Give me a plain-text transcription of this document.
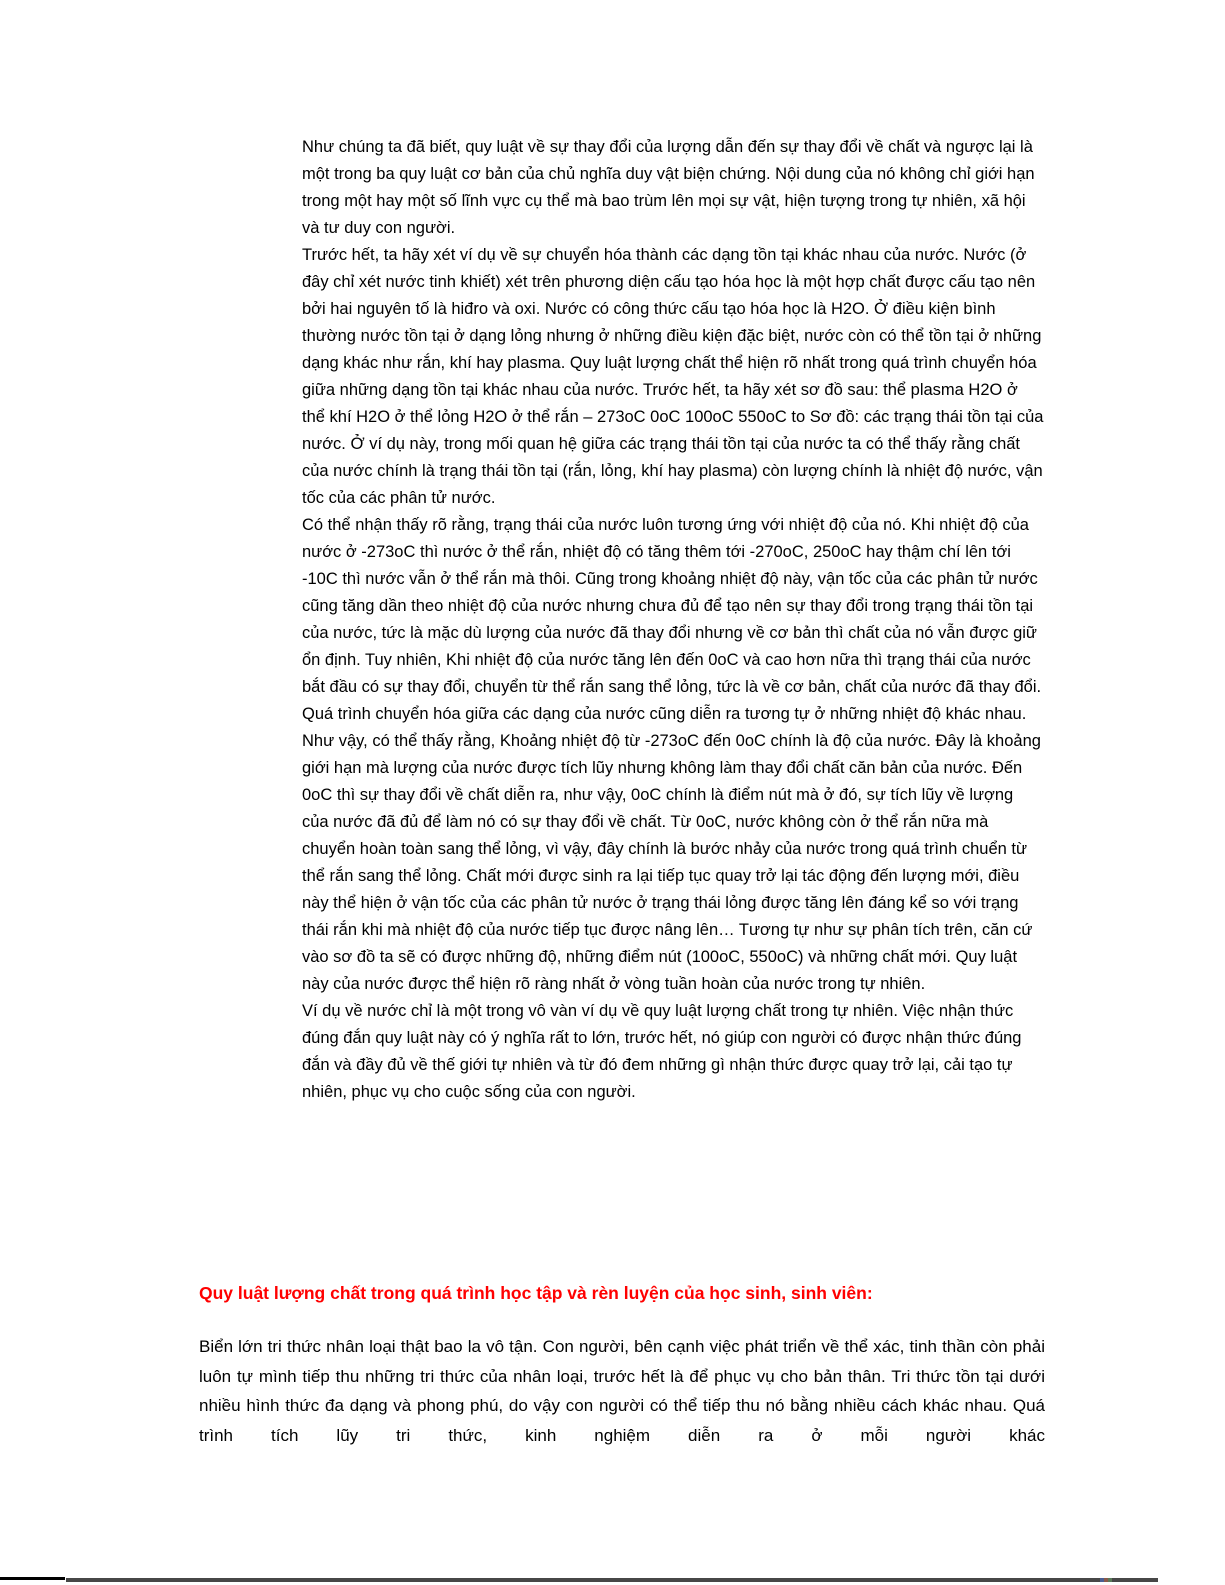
Như chúng ta đã biết, quy luật về sự thay đổi của lượng dẫn đến sự thay đổi về chất và ngược lại là một trong ba quy luật cơ bản của chủ nghĩa duy vật biện chứng. Nội dung của nó không chỉ giới hạn trong một hay một số lĩnh vực cụ thể mà bao trùm lên mọi sự vật, hiện tượng trong tự nhiên, xã hội và tư duy con người.

Trước hết, ta hãy xét ví dụ về sự chuyển hóa thành các dạng tồn tại khác nhau của nước. Nước (ở đây chỉ xét nước tinh khiết) xét trên phương diện cấu tạo hóa học là một hợp chất được cấu tạo nên bởi hai nguyên tố là hiđro và oxi. Nước có công thức cấu tạo hóa học là H2O. Ở điều kiện bình thường nước tồn tại ở dạng lỏng nhưng ở những điều kiện đặc biệt, nước còn có thể tồn tại ở những dạng khác như rắn, khí hay plasma. Quy luật lượng chất thể hiện rõ nhất trong quá trình chuyển hóa giữa những dạng tồn tại khác nhau của nước. Trước hết, ta hãy xét sơ đồ sau: thể plasma H2O ở thể khí H2O ở thể lỏng H2O ở thể rắn – 273oC 0oC 100oC 550oC to Sơ đồ: các trạng thái tồn tại của nước. Ở ví dụ này, trong mối quan hệ giữa các trạng thái tồn tại của nước ta có thể thấy rằng chất của nước chính là trạng thái tồn tại (rắn, lỏng, khí hay plasma) còn lượng chính là nhiệt độ nước, vận tốc của các phân tử nước.

Có thể nhận thấy rõ rằng, trạng thái của nước luôn tương ứng với nhiệt độ của nó. Khi nhiệt độ của nước ở -273oC thì nước ở thể rắn, nhiệt độ có tăng thêm tới -270oC, 250oC hay thậm chí lên tới -10C thì nước vẫn ở thể rắn mà thôi. Cũng trong khoảng nhiệt độ này, vận tốc của các phân tử nước cũng tăng dần theo nhiệt độ của nước nhưng chưa đủ để tạo nên sự thay đổi trong trạng thái tồn tại của nước, tức là mặc dù lượng của nước đã thay đổi nhưng về cơ bản thì chất của nó vẫn được giữ ổn định. Tuy nhiên, Khi nhiệt độ của nước tăng lên đến 0oC và cao hơn nữa thì trạng thái của nước bắt đầu có sự thay đổi, chuyển từ thể rắn sang thể lỏng, tức là về cơ bản, chất của nước đã thay đổi. Quá trình chuyển hóa giữa các dạng của nước cũng diễn ra tương tự ở những nhiệt độ khác nhau.

Như vậy, có thể thấy rằng, Khoảng nhiệt độ từ -273oC đến 0oC chính là độ của nước. Đây là khoảng giới hạn mà lượng của nước được tích lũy nhưng không làm thay đổi chất căn bản của nước. Đến 0oC thì sự thay đổi về chất diễn ra, như vậy, 0oC chính là điểm nút mà ở đó, sự tích lũy về lượng của nước đã đủ để làm nó có sự thay đổi về chất. Từ 0oC, nước không còn ở thể rắn nữa mà chuyển hoàn toàn sang thể lỏng, vì vậy, đây chính là bước nhảy của nước trong quá trình chuển từ thể rắn sang thể lỏng. Chất mới được sinh ra lại tiếp tục quay trở lại tác động đến lượng mới, điều này thể hiện ở vận tốc của các phân tử nước ở trạng thái lỏng được tăng lên đáng kể so với trạng thái rắn khi mà nhiệt độ của nước tiếp tục được nâng lên… Tương tự như sự phân tích trên, căn cứ vào sơ đồ ta sẽ có được những độ, những điểm nút (100oC, 550oC) và những chất mới. Quy luật này của nước được thể hiện rõ ràng nhất ở vòng tuần hoàn của nước trong tự nhiên.

Ví dụ về nước chỉ là một trong vô vàn ví dụ về quy luật lượng chất trong tự nhiên. Việc nhận thức đúng đắn quy luật này có ý nghĩa rất to lớn, trước hết, nó giúp con người có được nhận thức đúng đắn và đầy đủ về thế giới tự nhiên và từ đó đem những gì nhận thức được quay trở lại, cải tạo tự nhiên, phục vụ cho cuộc sống của con người.

Quy luật lượng chất trong quá trình học tập và rèn luyện của học sinh, sinh viên:
Biển lớn tri thức nhân loại thật bao la vô tận. Con người, bên cạnh việc phát triển về thể xác, tinh thần còn phải luôn tự mình tiếp thu những tri thức của nhân loại, trước hết là để phục vụ cho bản thân. Tri thức tồn tại dưới nhiều hình thức đa dạng và phong phú, do vậy con người có thể tiếp thu nó bằng nhiều cách khác nhau. Quá trình tích lũy tri thức, kinh nghiệm diễn ra ở mỗi người khác
